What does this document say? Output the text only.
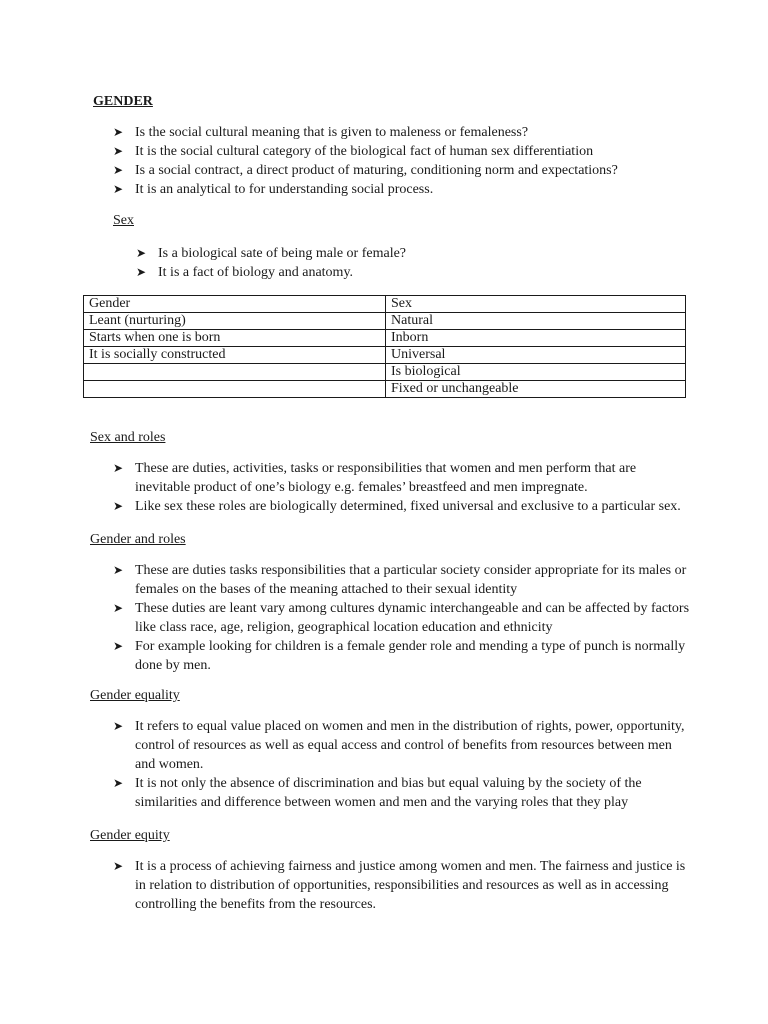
GENDER
➤ Is the social cultural meaning that is given to maleness or femaleness?
➤ It is the social cultural category of the biological fact of human sex differentiation
➤ Is a social contract, a direct product of maturing, conditioning norm and expectations?
➤ It is an analytical to for understanding social process.
Sex
➤ Is a biological sate of being male or female?
➤ It is a fact of biology and anatomy.
Gender	Sex
Leant (nurturing)	Natural
Starts when one is born	Inborn
It is socially constructed	Universal
	Is biological
	Fixed or unchangeable
Sex and roles
➤ These are duties, activities, tasks or responsibilities that women and men perform that are inevitable product of one’s biology e.g. females’ breastfeed and men impregnate.
➤ Like sex these roles are biologically determined, fixed universal and exclusive to a particular sex.
Gender and roles
➤ These are duties tasks responsibilities that a particular society consider appropriate for its males or females on the bases of the meaning attached to their sexual identity
➤ These duties are leant vary among cultures dynamic interchangeable and can be affected by factors like class race, age, religion, geographical location education and ethnicity
➤ For example looking for children is a female gender role and mending a type of punch is normally done by men.
Gender equality
➤ It refers to equal value placed on women and men in the distribution of rights, power, opportunity, control of resources as well as equal access and control of benefits from resources between men and women.
➤ It is not only the absence of discrimination and bias but equal valuing by the society of the similarities and difference between women and men and the varying roles that they play
Gender equity
➤ It is a process of achieving fairness and justice among women and men. The fairness and justice is in relation to distribution of opportunities, responsibilities and resources as well as in accessing controlling the benefits from the resources.
